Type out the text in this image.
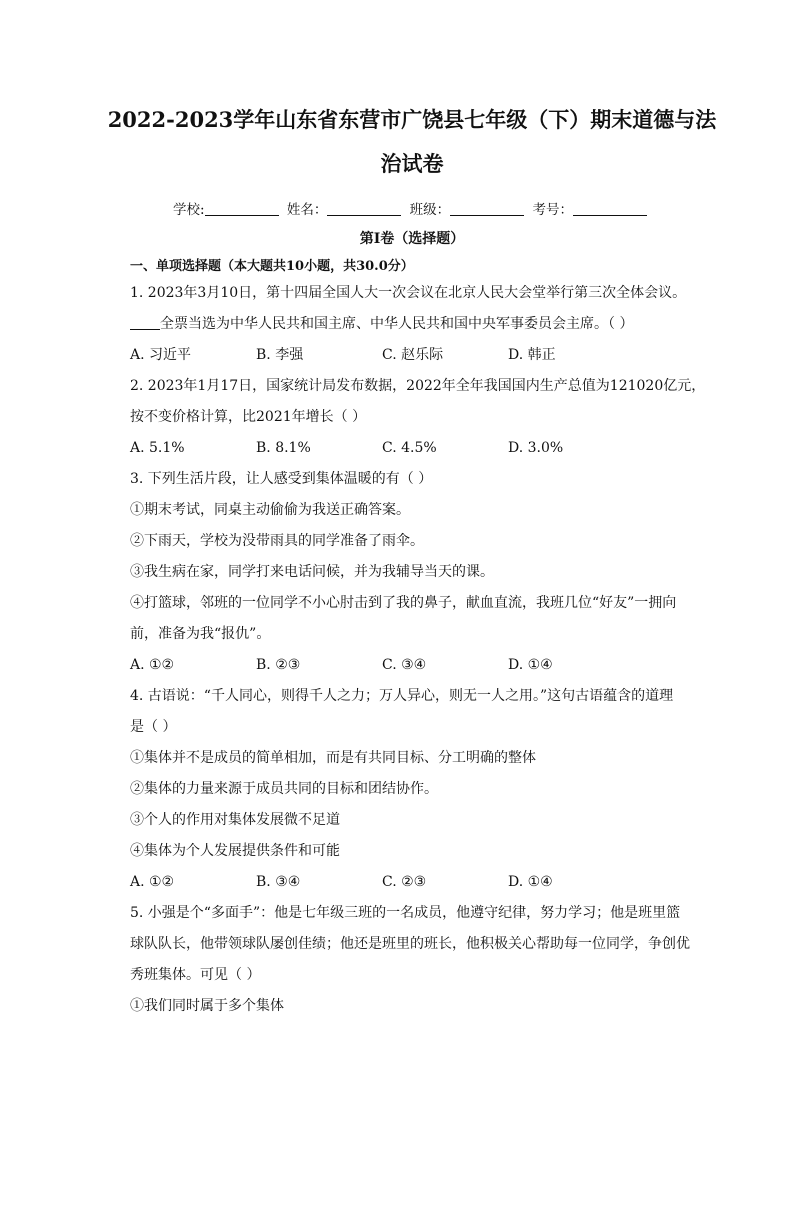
2022-2023学年山东省东营市广饶县七年级（下）期末道德与法
治试卷
学校:	姓名：	班级：	考号：
第I卷（选择题）
一、单项选择题（本大题共10小题，共30.0分）
1. 2023年3月10日，第十四届全国人大一次会议在北京人民大会堂举行第三次全体会议。
全票当选为中华人民共和国主席、中华人民共和国中央军事委员会主席。（ ）
A. 习近平	B. 李强	C. 赵乐际	D. 韩正
2. 2023年1月17日，国家统计局发布数据，2022年全年我国国内生产总值为121020亿元，
按不变价格计算，比2021年增长（ ）
A. 5.1%	B. 8.1%	C. 4.5%	D. 3.0%
3. 下列生活片段，让人感受到集体温暖的有（ ）
①期末考试，同桌主动偷偷为我送正确答案。
②下雨天，学校为没带雨具的同学准备了雨伞。
③我生病在家，同学打来电话问候，并为我辅导当天的课。
④打篮球，邻班的一位同学不小心肘击到了我的鼻子，献血直流，我班几位“好友”一拥向
前，准备为我“报仇”。
A. ①②	B. ②③	C. ③④	D. ①④
4. 古语说：“千人同心，则得千人之力；万人异心，则无一人之用。”这句古语蕴含的道理
是（ ）
①集体并不是成员的简单相加，而是有共同目标、分工明确的整体
②集体的力量来源于成员共同的目标和团结协作。
③个人的作用对集体发展微不足道
④集体为个人发展提供条件和可能
A. ①②	B. ③④	C. ②③	D. ①④
5. 小强是个“多面手”：他是七年级三班的一名成员，他遵守纪律，努力学习；他是班里篮
球队队长，他带领球队屡创佳绩；他还是班里的班长，他积极关心帮助每一位同学，争创优
秀班集体。可见（ ）
①我们同时属于多个集体
